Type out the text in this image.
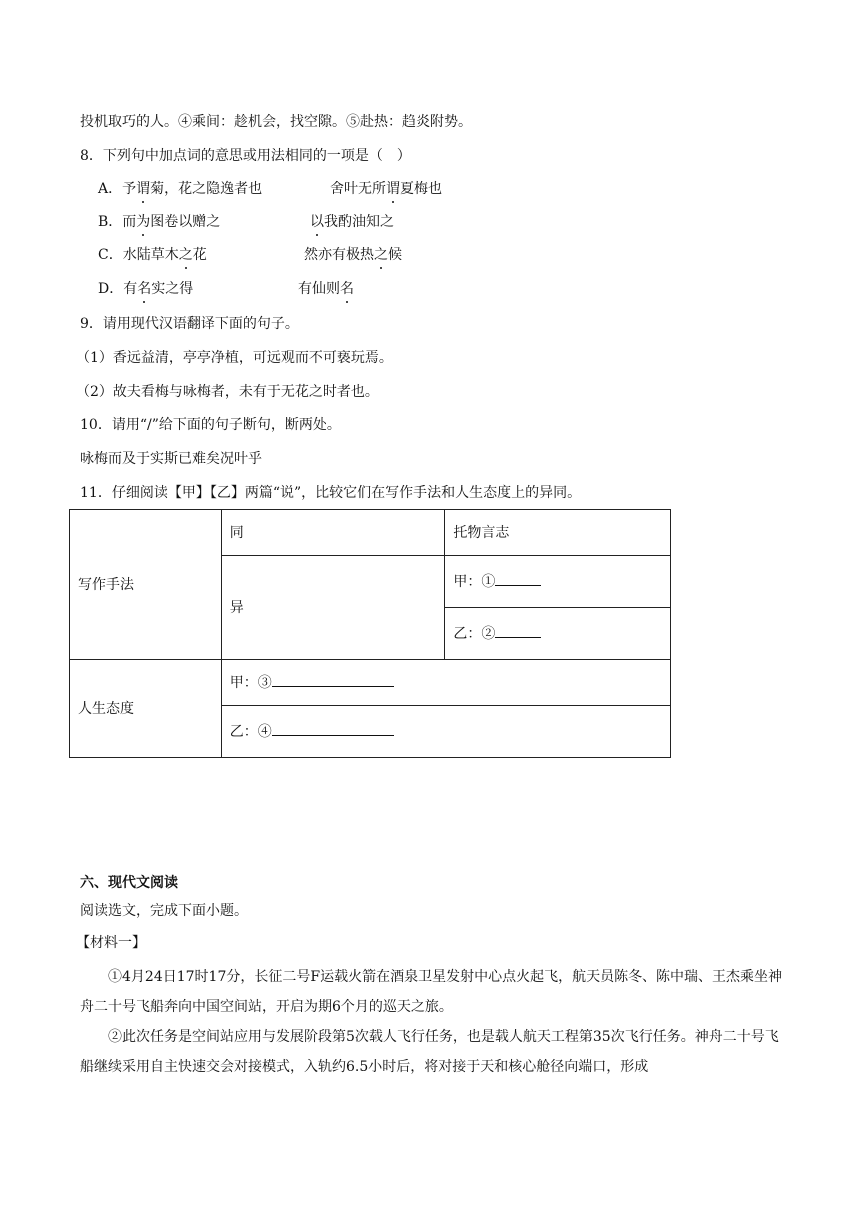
投机取巧的人。④乘间：趁机会，找空隙。⑤赴热：趋炎附势。
8．下列句中加点词的意思或用法相同的一项是（　）
A．予谓菊，花之隐逸者也	舍叶无所谓夏梅也
B．而为图卷以赠之	以我酌油知之
C．水陆草木之花	然亦有极热之候
D．有名实之得	有仙则名
9．请用现代汉语翻译下面的句子。
（1）香远益清，亭亭净植，可远观而不可亵玩焉。
（2）故夫看梅与咏梅者，未有于无花之时者也。
10．请用“/”给下面的句子断句，断两处。
咏梅而及于实斯已难矣况叶乎
11．仔细阅读【甲】【乙】两篇“说”，比较它们在写作手法和人生态度上的异同。
写作手法	同	托物言志
	异	甲：①
		乙：②
人生态度	甲：③	
	乙：④	
六、现代文阅读
阅读选文，完成下面小题。
【材料一】

①4月24日17时17分，长征二号F运载火箭在酒泉卫星发射中心点火起飞，航天员陈冬、陈中瑞、王杰乘坐神舟二十号飞船奔向中国空间站，开启为期6个月的巡天之旅。

②此次任务是空间站应用与发展阶段第5次载人飞行任务，也是载人航天工程第35次飞行任务。神舟二十号飞船继续采用自主快速交会对接模式，入轨约6.5小时后，将对接于天和核心舱径向端口，形成
